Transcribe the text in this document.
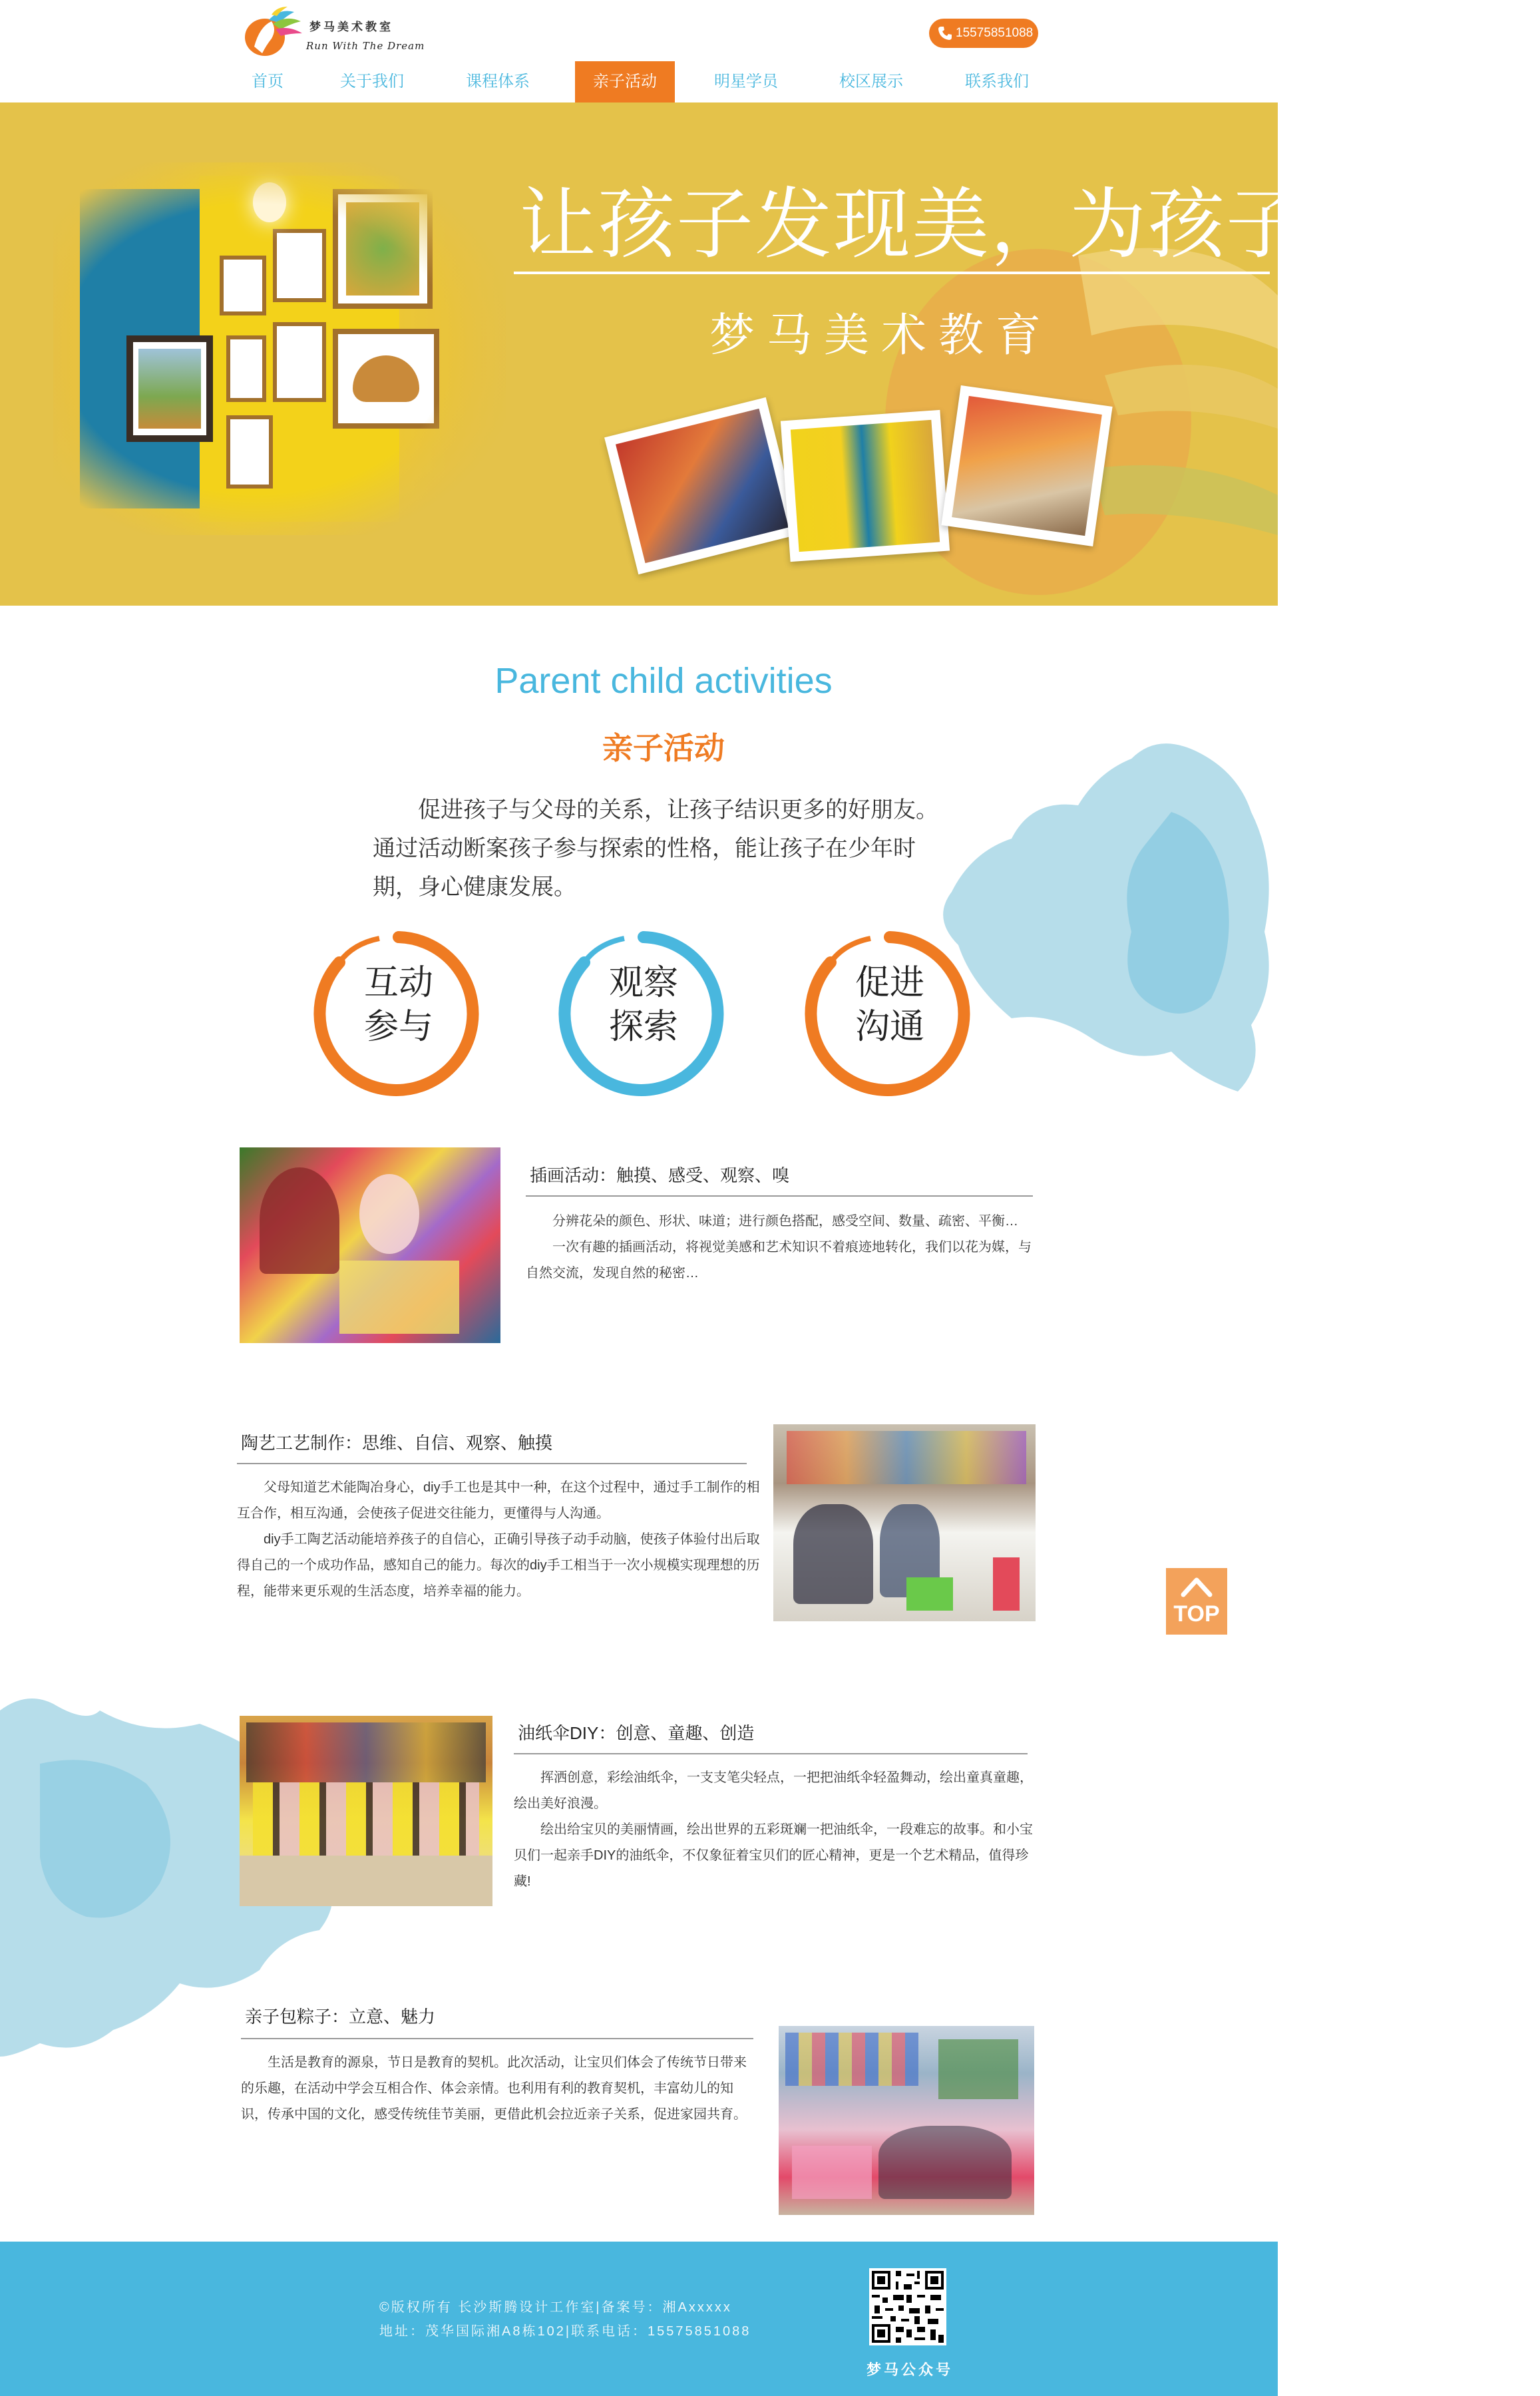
梦马美术教室
Run With The Dream
15575851088
首页	关于我们	课程体系	亲子活动	明星学员	校区展示	联系我们
让孩子发现美，为孩子翻译美
梦马美术教育
Parent child activities
亲子活动
促进孩子与父母的关系，让孩子结识更多的好朋友。通过活动断案孩子参与探索的性格，能让孩子在少年时期，身心健康发展。
互动
参与
观察
探索
促进
沟通
插画活动：触摸、感受、观察、嗅

分辨花朵的颜色、形状、味道；进行颜色搭配，感受空间、数量、疏密、平衡…

一次有趣的插画活动，将视觉美感和艺术知识不着痕迹地转化，我们以花为媒，与自然交流，发现自然的秘密…

陶艺工艺制作：思维、自信、观察、触摸

父母知道艺术能陶冶身心，diy手工也是其中一种，在这个过程中，通过手工制作的相互合作，相互沟通，会使孩子促进交往能力，更懂得与人沟通。

diy手工陶艺活动能培养孩子的自信心，正确引导孩子动手动脑，使孩子体验付出后取得自己的一个成功作品，感知自己的能力。每次的diy手工相当于一次小规模实现理想的历程，能带来更乐观的生活态度，培养幸福的能力。

油纸伞DIY：创意、童趣、创造

挥洒创意，彩绘油纸伞，一支支笔尖轻点，一把把油纸伞轻盈舞动，绘出童真童趣，绘出美好浪漫。

绘出给宝贝的美丽情画，绘出世界的五彩斑斓一把油纸伞，一段难忘的故事。和小宝贝们一起亲手DIY的油纸伞，不仅象征着宝贝们的匠心精神，更是一个艺术精品，值得珍藏!

亲子包粽子：立意、魅力

生活是教育的源泉，节日是教育的契机。此次活动，让宝贝们体会了传统节日带来的乐趣，在活动中学会互相合作、体会亲情。也利用有利的教育契机，丰富幼儿的知识，传承中国的文化，感受传统佳节美丽，更借此机会拉近亲子关系，促进家园共育。

TOP
©版权所有 长沙斯腾设计工作室|备案号：湘Axxxxx
地址：茂华国际湘A8栋102|联系电话：15575851088
梦马公众号
